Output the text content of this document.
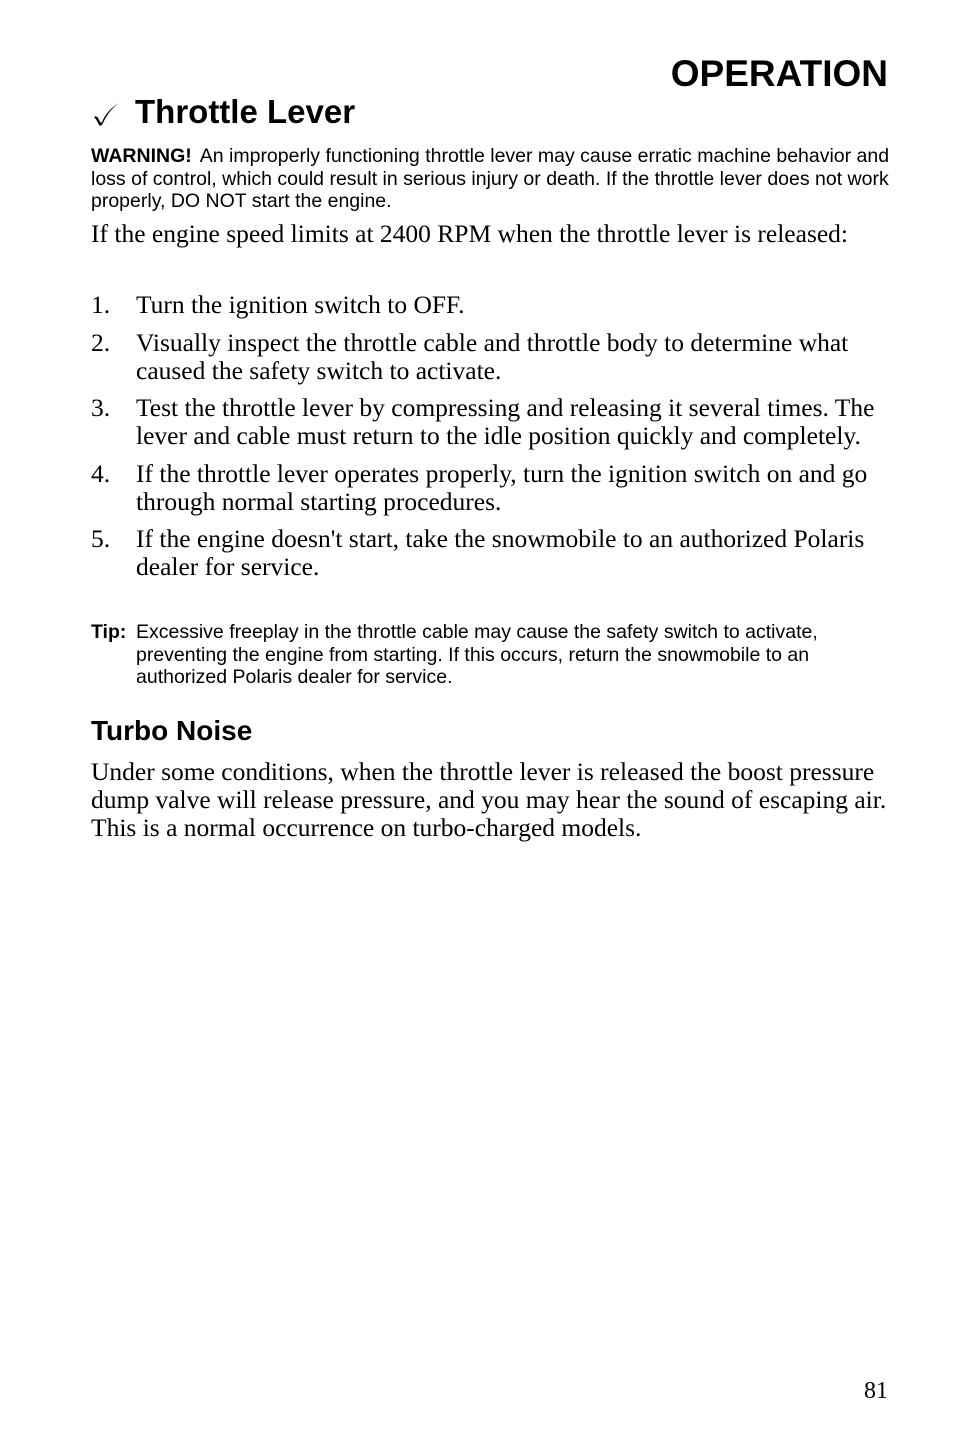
OPERATION
Throttle Lever

WARNING! An improperly functioning throttle lever may cause erratic machine behavior and loss of control, which could result in serious injury or death. If the throttle lever does not work properly, DO NOT start the engine.

If the engine speed limits at 2400 RPM when the throttle lever is released:

1.	Turn the ignition switch to OFF.
2.	Visually inspect the throttle cable and throttle body to determine what caused the safety switch to activate.
3.	Test the throttle lever by compressing and releasing it several times. The lever and cable must return to the idle position quickly and completely.
4.	If the throttle lever operates properly, turn the ignition switch on and go through normal starting procedures.
5.	If the engine doesn't start, take the snowmobile to an authorized Polaris dealer for service.
Tip: Excessive freeplay in the throttle cable may cause the safety switch to activate, preventing the engine from starting. If this occurs, return the snowmobile to an authorized Polaris dealer for service.
Turbo Noise

Under some conditions, when the throttle lever is released the boost pressure dump valve will release pressure, and you may hear the sound of escaping air. This is a normal occurrence on turbo-charged models.

81
